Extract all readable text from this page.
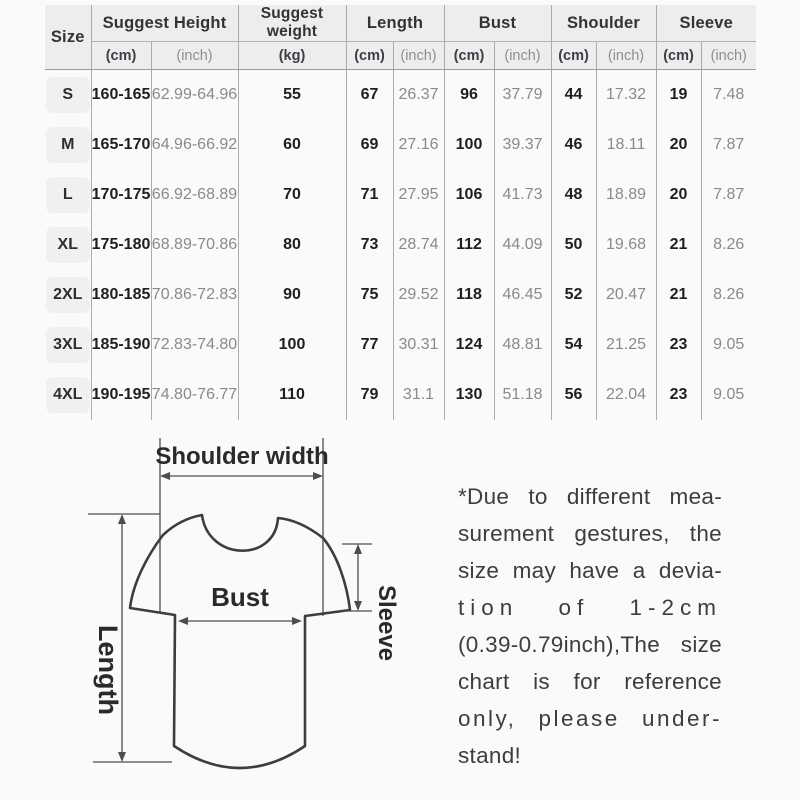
Size	Suggest Height		Suggest weight	Length		Bust		Shoulder		Sleeve	
	(cm)	(inch)	(kg)	(cm)	(inch)	(cm)	(inch)	(cm)	(inch)	(cm)	(inch)
S	160-165	62.99-64.96	55	67	26.37	96	37.79	44	17.32	19	7.48
M	165-170	64.96-66.92	60	69	27.16	100	39.37	46	18.11	20	7.87
L	170-175	66.92-68.89	70	71	27.95	106	41.73	48	18.89	20	7.87
XL	175-180	68.89-70.86	80	73	28.74	112	44.09	50	19.68	21	8.26
2XL	180-185	70.86-72.83	90	75	29.52	118	46.45	52	20.47	21	8.26
3XL	185-190	72.83-74.80	100	77	30.31	124	48.81	54	21.25	23	9.05
4XL	190-195	74.80-76.77	110	79	31.1	130	51.18	56	22.04	23	9.05
Shoulder width
Length
Bust	Sleeve
*Due to different mea-
surement gestures, the
size may have a devia-
tion of 1-2cm
(0.39-0.79inch),The size
chart is for reference
only, please under-
stand!
